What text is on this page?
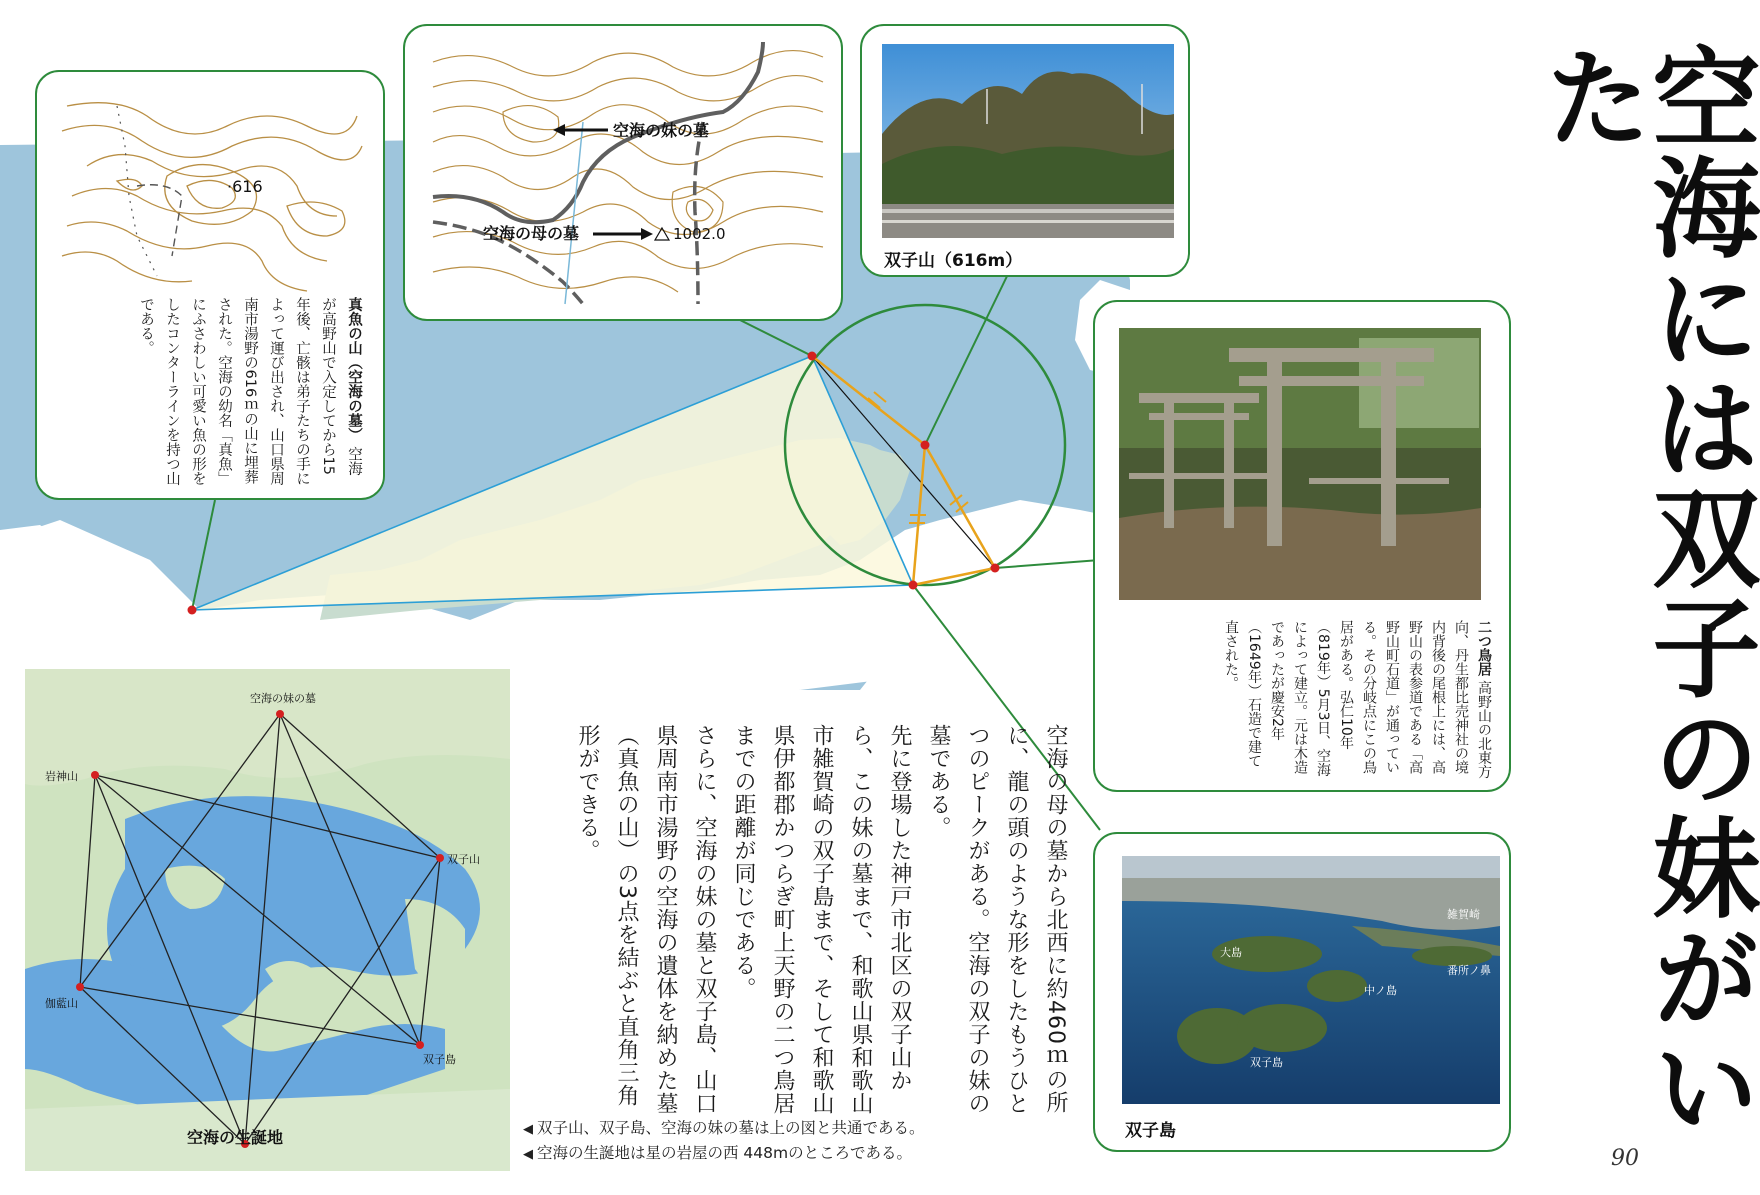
·616
真魚の山（空海の墓） 空海が高野山で入定してから15年後、亡骸は弟子たちの手によって運び出され、山口県周南市湯野の616ｍの山に埋葬された。空海の幼名「真魚」にふさわしい可愛い魚の形をしたコンターラインを持つ山である。
空海の妹の墓
空海の母の墓	1002.0
双子山（616m）
二つ鳥居 高野山の北東方向、丹生都比売神社の境内背後の尾根上には、高野山の表参道である「高野山町石道」が通っている。その分岐点にこの鳥居がある。弘仁10年（819年）5月3日、空海によって建立。元は木造であったが慶安2年（1649年）石造で建て直された。
雑賀崎
大島
番所ノ鼻
中ノ島
双子島
双子島
空海の妹の墓
岩神山
双子山
伽藍山
双子島
空海の生誕地
空海の母の墓から北西に約460ｍの所に、龍の頭のような形をしたもうひとつのピークがある。空海の双子の妹の墓である。
先に登場した神戸市北区の双子山から、この妹の墓まで、和歌山県和歌山市雑賀崎の双子島まで、そして和歌山県伊都郡かつらぎ町上天野の二つ鳥居までの距離が同じである。
さらに、空海の妹の墓と双子島、山口県周南市湯野の空海の遺体を納めた墓（真魚の山）の3点を結ぶと直角三角形ができる。
◀ 双子山、双子島、空海の妹の墓は上の図と共通である。
◀ 空海の生誕地は星の岩屋の西 448mのところである。
空海には双子の妹がいた
90
